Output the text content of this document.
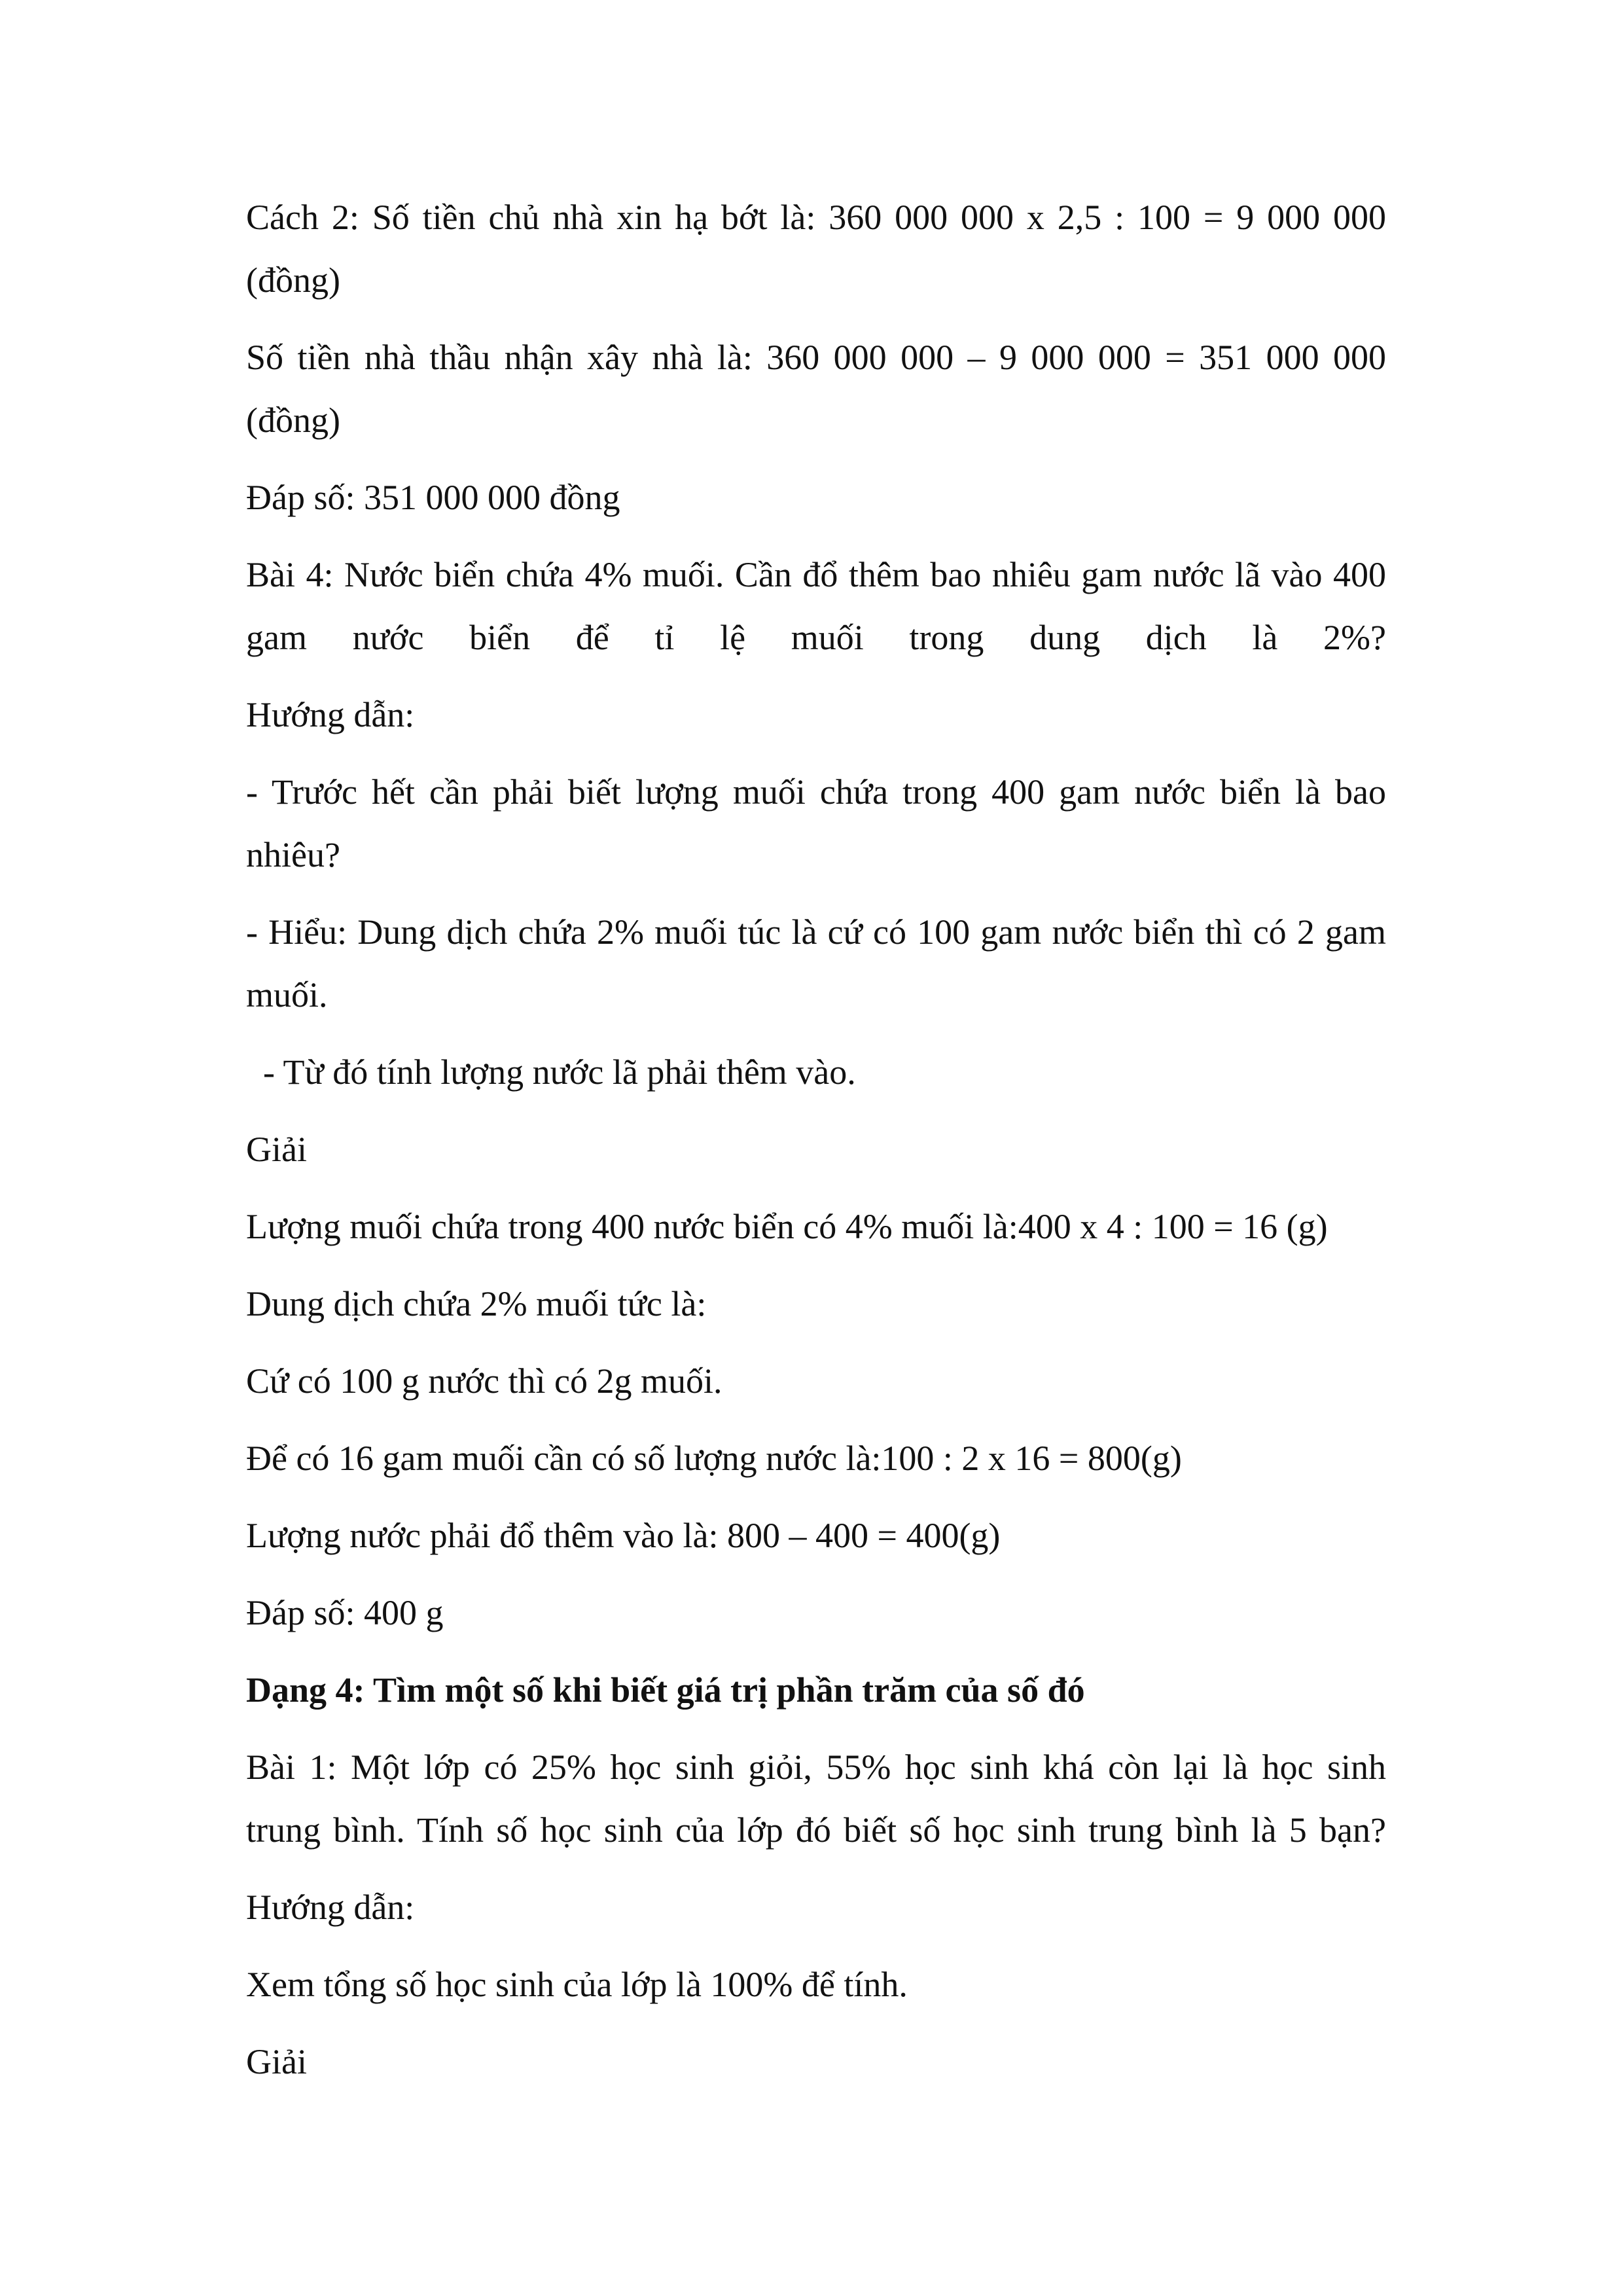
Cách 2: Số tiền chủ nhà xin hạ bớt là: 360 000 000 x 2,5 : 100 = 9 000 000
(đồng)

Số tiền nhà thầu nhận xây nhà là: 360 000 000 – 9 000 000 = 351 000 000
(đồng)

Đáp số: 351 000 000 đồng

Bài 4: Nước biển chứa 4% muối. Cần đổ thêm bao nhiêu gam nước lã vào 400
gam nước biển để tỉ lệ muối trong dung dịch là 2%?

Hướng dẫn:

- Trước hết cần phải biết lượng muối chứa trong 400 gam nước biển là bao
nhiêu?

- Hiểu: Dung dịch chứa 2% muối túc là cứ có 100 gam nước biển thì có 2 gam
muối.

- Từ đó tính lượng nước lã phải thêm vào.

Giải

Lượng muối chứa trong 400 nước biển có 4% muối là:400 x 4 : 100 = 16 (g)

Dung dịch chứa 2% muối tức là:

Cứ có 100 g nước thì có 2g muối.

Để có 16 gam muối cần có số lượng nước là:100 : 2 x 16 = 800(g)

Lượng nước phải đổ thêm vào là: 800 – 400 = 400(g)

Đáp số: 400 g

Dạng 4: Tìm một số khi biết giá trị phần trăm của số đó

Bài 1: Một lớp có 25% học sinh giỏi, 55% học sinh khá còn lại là học sinh
trung bình. Tính số học sinh của lớp đó biết số học sinh trung bình là 5 bạn?

Hướng dẫn:

Xem tổng số học sinh của lớp là 100% để tính.

Giải
